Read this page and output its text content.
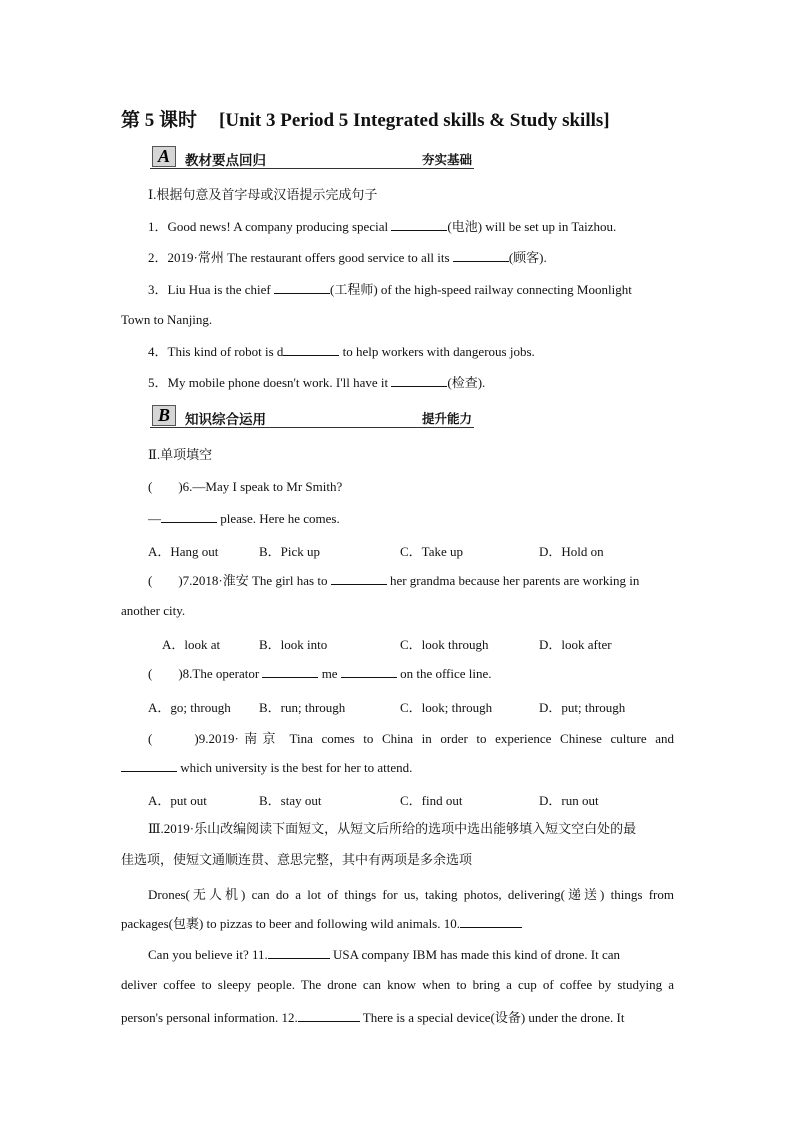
第 5 课时 [Unit 3 Period 5 Integrated skills & Study skills]
A	教材要点回归	夯实基础
Ⅰ.根据句意及首字母或汉语提示完成句子
1．Good news! A company producing special	(电池) will be set up in Taizhou.
2．2019·常州 The restaurant offers good service to all its	(顾客).
3．Liu Hua is the chief	(工程师) of the high-speed railway connecting Moonlight
Town to Nanjing.
4．This kind of robot is d	to help workers with dangerous jobs.
5．My mobile phone doesn't work. I'll have it	(检查).
B	知识综合运用	提升能力
Ⅱ.单项填空
(　　)6.—May I speak to Mr Smith?
—	please. Here he comes.
A．Hang out	B．Pick up	C．Take up	D．Hold on
(　　)7.2018·淮安 The girl has to	her grandma because her parents are working in
another city.
A．look at	B．look into	C．look through	D．look after
(　　)8.The operator	me	on the office line.
A．go; through B．run; through	C．look; through	D．put; through
(　　)9.2019·南京 Tina comes to China in order to experience Chinese culture and
which university is the best for her to attend.
A．put out	B．stay out	C．find out	D．run out
Ⅲ.2019·乐山改编阅读下面短文，从短文后所给的选项中选出能够填入短文空白处的最
佳选项，使短文通顺连贯、意思完整，其中有两项是多余选项
Drones(无人机) can do a lot of things for us, taking photos, delivering(递送) things from
packages(包裹) to pizzas to beer and following wild animals. 10.
Can you believe it? 11.	USA company IBM has made this kind of drone. It can
deliver coffee to sleepy people. The drone can know when to bring a cup of coffee by studying a
person's personal information. 12.	There is a special device(设备) under the drone. It
